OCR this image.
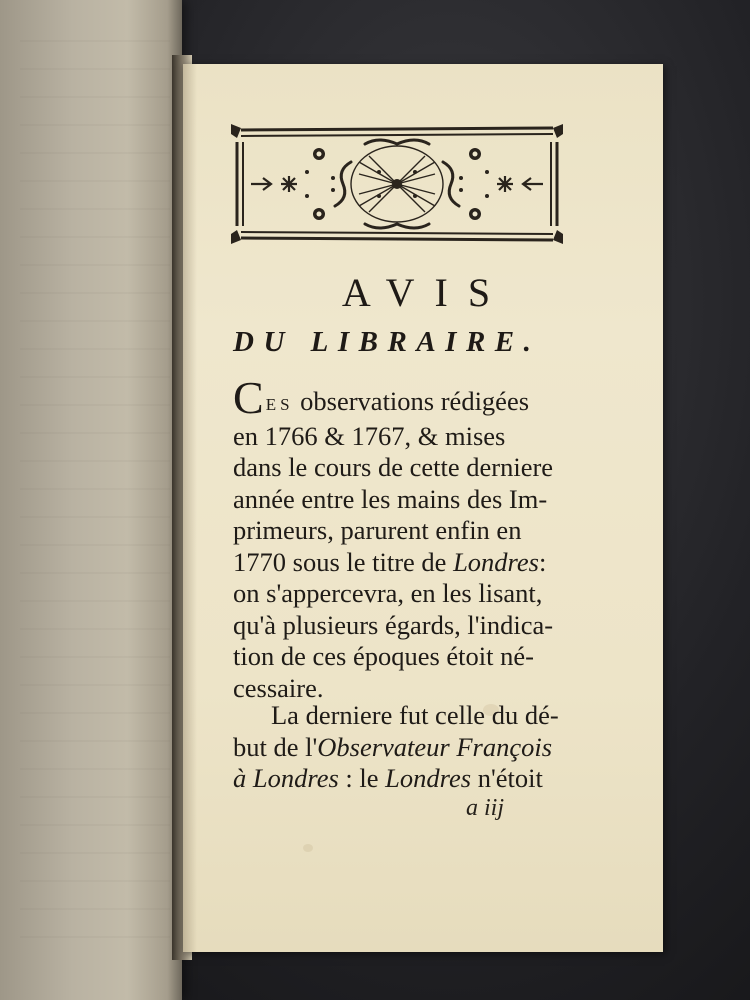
AVIS
DU LIBRAIRE.
CES observations rédigées
en 1766 & 1767, & mises
dans le cours de cette derniere
année entre les mains des Im-
primeurs, parurent enfin en
1770 sous le titre de Londres:
on s'appercevra, en les lisant,
qu'à plusieurs égards, l'indica-
tion de ces époques étoit né-
cessaire.
La derniere fut celle du dé-
but de l'Observateur François
à Londres : le Londres n'étoit
a iij
